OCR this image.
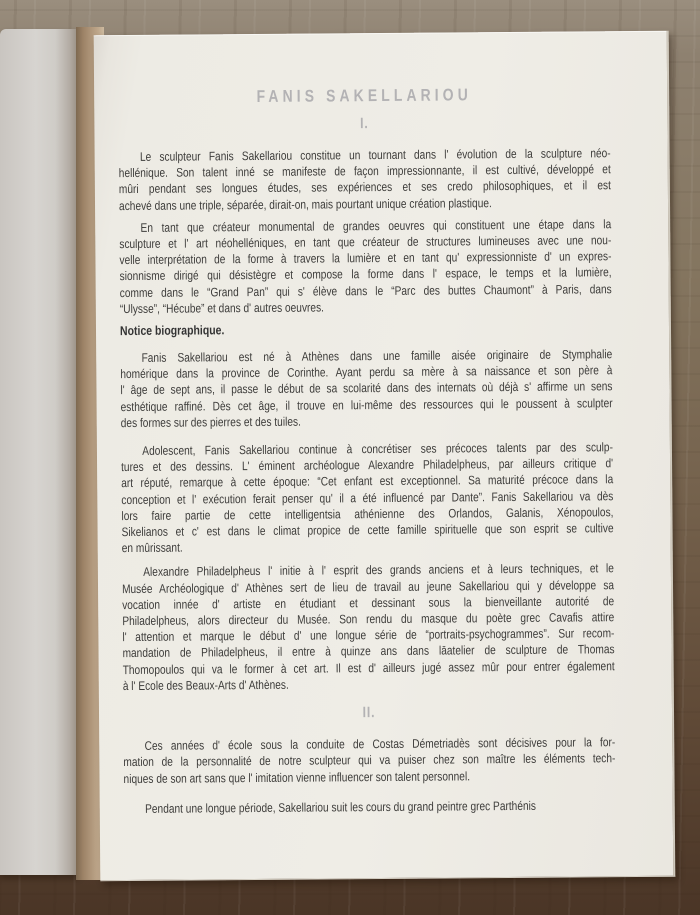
FANIS SAKELLARIOU
I.
Le sculpteur Fanis Sakellariou constitue un tournant dans l' évolution de la sculpture néo-
hellénique. Son talent inné se manifeste de façon impressionnante, il est cultivé, développé et
mûri pendant ses longues études, ses expériences et ses credo philosophiques, et il est
achevé dans une triple, séparée, dirait-on, mais pourtant unique création plastique.
En tant que créateur monumental de grandes oeuvres qui constituent une étape dans la
sculpture et l' art néohelléniques, en tant que créateur de structures lumineuses avec une nou-
velle interprétation de la forme à travers la lumière et en tant qu' expressionniste d' un expres-
sionnisme dirigé qui désistègre et compose la forme dans l' espace, le temps et la lumière,
comme dans le “Grand Pan” qui s' élève dans le “Parc des buttes Chaumont” à Paris, dans
“Ulysse”, “Hécube” et dans d' autres oeuvres.
Notice biographique.
Fanis Sakellariou est né à Athènes dans une famille aisée originaire de Stymphalie
homérique dans la province de Corinthe. Ayant perdu sa mère à sa naissance et son père à
l' âge de sept ans, il passe le début de sa scolarité dans des internats où déjà s' affirme un sens
esthétique raffiné. Dès cet âge, il trouve en lui-même des ressources qui le poussent à sculpter
des formes sur des pierres et des tuiles.
Adolescent, Fanis Sakellariou continue à concrétiser ses précoces talents par des sculp-
tures et des dessins. L' éminent archéologue Alexandre Philadelpheus, par ailleurs critique d'
art réputé, remarque à cette époque: “Cet enfant est exceptionnel. Sa maturité précoce dans la
conception et l' exécution ferait penser qu' il a été influencé par Dante”. Fanis Sakellariou va dès
lors faire partie de cette intelligentsia athénienne des Orlandos, Galanis, Xénopoulos,
Sikelianos et c' est dans le climat propice de cette famille spirituelle que son esprit se cultive
en mûrissant.
Alexandre Philadelpheus l' initie à l' esprit des grands anciens et à leurs techniques, et le
Musée Archéologique d' Athènes sert de lieu de travail au jeune Sakellariou qui y développe sa
vocation innée d' artiste en étudiant et dessinant sous la bienveillante autorité de
Philadelpheus, alors directeur du Musée. Son rendu du masque du poète grec Cavafis attire
l' attention et marque le début d' une longue série de “portraits-psychogrammes”. Sur recom-
mandation de Philadelpheus, il entre à quinze ans dans lāatelier de sculpture de Thomas
Thomopoulos qui va le former à cet art. Il est d' ailleurs jugé assez mûr pour entrer également
à l' Ecole des Beaux-Arts d' Athènes.
II.
Ces années d' école sous la conduite de Costas Démetriadès sont décisives pour la for-
mation de la personnalité de notre sculpteur qui va puiser chez son maître les éléments tech-
niques de son art sans que l' imitation vienne influencer son talent personnel.
Pendant une longue période, Sakellariou suit les cours du grand peintre grec Parthénis
